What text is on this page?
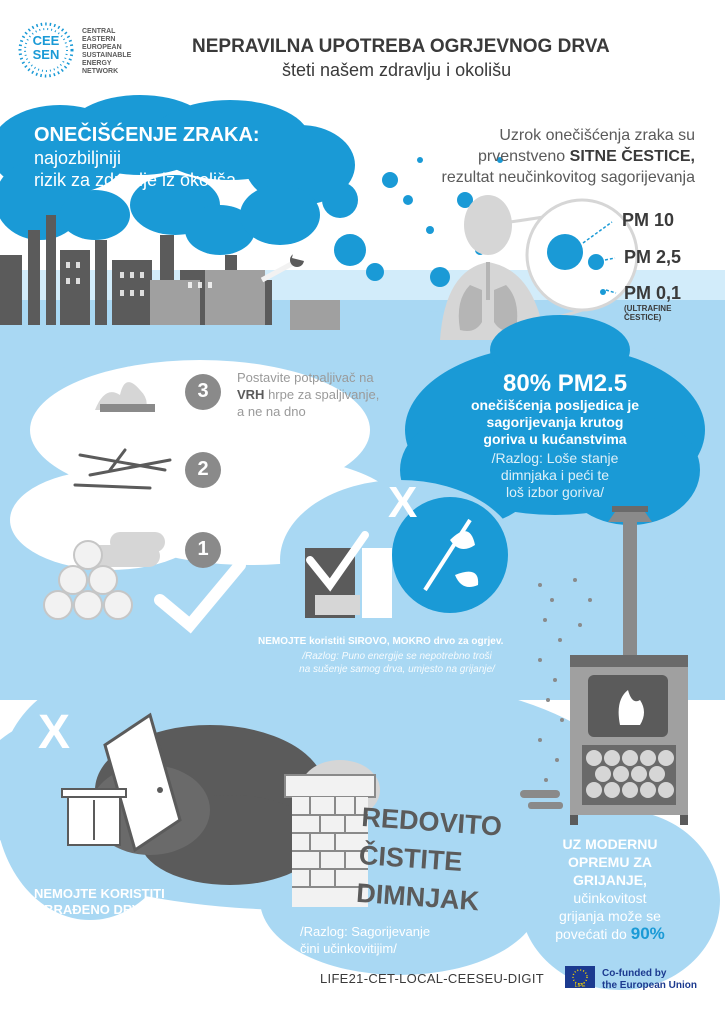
CEE
SEN
CENTRAL
EASTERN
EUROPEAN
SUSTAINABLE
ENERGY
NETWORK
NEPRAVILNA UPOTREBA OGRJEVNOG DRVA
šteti našem zdravlju i okolišu
ONEČIŠĆENJE ZRAKA:
najozbiljniji
rizik za zdravlje iz okoliša
Uzrok onečišćenja zraka su
prvenstveno SITNE ČESTICE,
rezultat neučinkovitog sagorijevanja
PM 10
PM 2,5
PM 0,1
(ULTRAFINE
ČESTICE)
80% PM2.5
onečišćenja posljedica je
sagorijevanja krutog
goriva u kućanstvima
/Razlog: Loše stanje
dimnjaka i peći te
loš izbor goriva/
3
2
1
Postavite potpaljivač na
VRH hrpe za spaljivanje,
a ne na dno
X
X
NEMOJTE koristiti SIROVO, MOKRO drvo za ogrjev.
/Razlog: Puno energije se nepotrebno troši
na sušenje samog drva, umjesto na grijanje/
NEMOJTE KORISTITI
OBRAĐENO DRVO
/Razlog: Pri sagorijevanju
ispušta otrovne čestice/
REDOVITO
ČISTITE
DIMNJAK
/Razlog: Sagorijevanje
čini učinkovitijim/
UZ MODERNU
OPREMU ZA
GRIJANJE,
učinkovitost
grijanja može se
povećati do 90%
LIFE21-CET-LOCAL-CEESEU-DIGIT	LIFE
Co-funded by
the European Union
